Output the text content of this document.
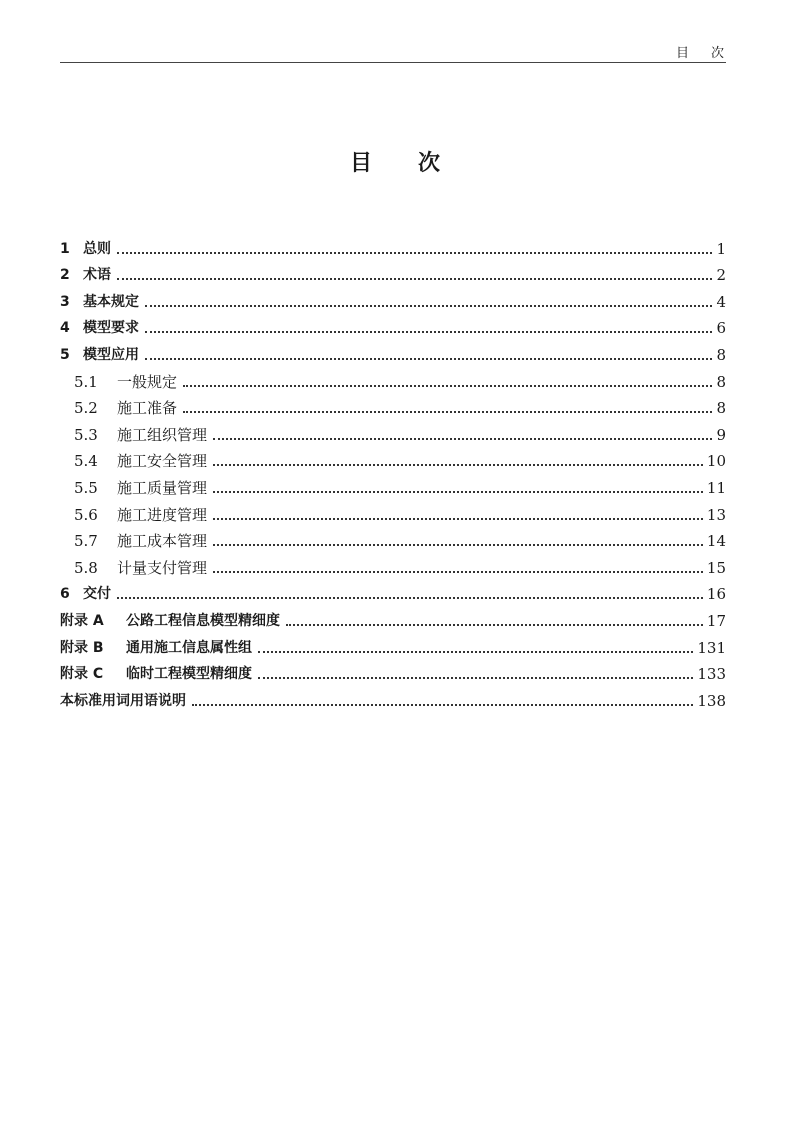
目次
目次
1 总则	1
2 术语	2
3 基本规定	4
4 模型要求	6
5 模型应用	8
5.1	一般规定	8
5.2	施工准备	8
5.3	施工组织管理	9
5.4	施工安全管理	10
5.5	施工质量管理	11
5.6	施工进度管理	13
5.7	施工成本管理	14
5.8	计量支付管理	15
6 交付	16
附录 A	公路工程信息模型精细度	17
附录 B	通用施工信息属性组	131
附录 C	临时工程模型精细度	133
本标准用词用语说明	138
